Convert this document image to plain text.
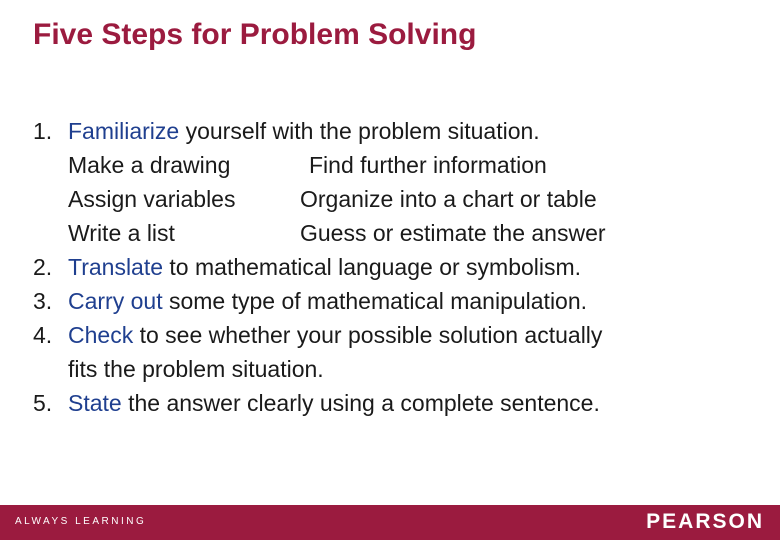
Five Steps for Problem Solving
1. Familiarize yourself with the problem situation.
Make a drawing	Find further information
Assign variables	Organize into a chart or table
Write a list	Guess or estimate the answer
2. Translate to mathematical language or symbolism.
3. Carry out some type of mathematical manipulation.
4. Check to see whether your possible solution actually
fits the problem situation.
5. State the answer clearly using a complete sentence.
ALWAYS LEARNING	PEARSON
